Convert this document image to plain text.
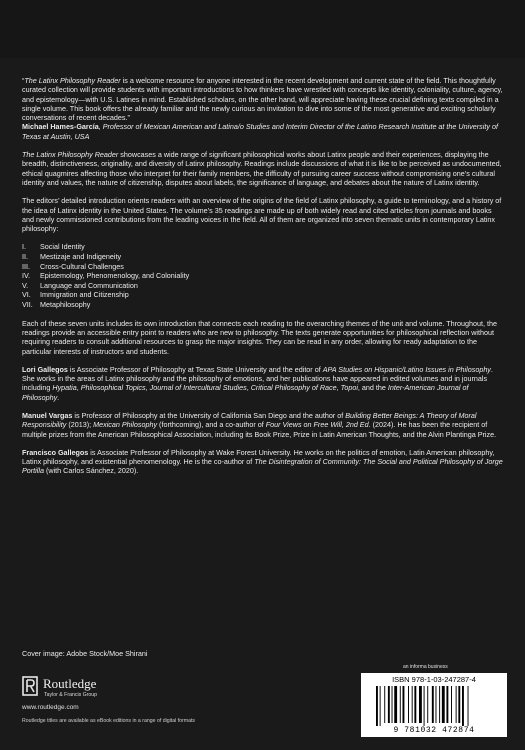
“The Latinx Philosophy Reader is a welcome resource for anyone interested in the recent development and current state of the field. This thoughtfully curated collection will provide students with important introductions to how thinkers have wrestled with concepts like identity, coloniality, culture, agency, and epistemology—with U.S. Latines in mind. Established scholars, on the other hand, will appreciate having these crucial defining texts compiled in a single volume. This book offers the already familiar and the newly curious an invitation to dive into some of the most generative and exciting scholarly conversations of recent decades.”

Michael Hames-García, Professor of Mexican American and Latina/o Studies and Interim Director of the Latino Research Institute at the University of Texas at Austin, USA

The Latinx Philosophy Reader showcases a wide range of significant philosophical works about Latinx people and their experiences, displaying the breadth, distinctiveness, originality, and diversity of Latinx philosophy. Readings include discussions of what it is like to be perceived as undocumented, ethical quagmires affecting those who interpret for their family members, the difficulty of pursuing career success without compromising one’s cultural identity and values, the nature of citizenship, disputes about labels, the significance of language, and debates about the nature of Latinx identity.

The editors’ detailed introduction orients readers with an overview of the origins of the field of Latinx philosophy, a guide to terminology, and a history of the idea of Latinx identity in the United States. The volume’s 35 readings are made up of both widely read and cited articles from journals and books and newly commissioned contributions from the leading voices in the field. All of them are organized into seven thematic units in contemporary Latinx philosophy:

I.	Social Identity
II.	Mestizaje and Indigeneity
III.	Cross-Cultural Challenges
IV.	Epistemology, Phenomenology, and Coloniality
V.	Language and Communication
VI.	Immigration and Citizenship
VII.	Metaphilosophy

Each of these seven units includes its own introduction that connects each reading to the overarching themes of the unit and volume. Throughout, the readings provide an accessible entry point to readers who are new to philosophy. The texts generate opportunities for philosophical reflection without requiring readers to consult additional resources to grasp the major insights. They can be read in any order, allowing for ready adaptation to the particular interests of instructors and students.

Lori Gallegos is Associate Professor of Philosophy at Texas State University and the editor of APA Studies on Hispanic/Latino Issues in Philosophy. She works in the areas of Latinx philosophy and the philosophy of emotions, and her publications have appeared in edited volumes and in journals including Hypatia, Philosophical Topics, Journal of Intercultural Studies, Critical Philosophy of Race, Topoi, and the Inter-American Journal of Philosophy.

Manuel Vargas is Professor of Philosophy at the University of California San Diego and the author of Building Better Beings: A Theory of Moral Responsibility (2013); Mexican Philosophy (forthcoming), and a co-author of Four Views on Free Will, 2nd Ed. (2024). He has been the recipient of multiple prizes from the American Philosophical Association, including its Book Prize, Prize in Latin American Thoughts, and the Alvin Plantinga Prize.

Francisco Gallegos is Associate Professor of Philosophy at Wake Forest University. He works on the politics of emotion, Latin American philosophy, Latinx philosophy, and existential phenomenology. He is the co-author of The Disintegration of Community: The Social and Political Philosophy of Jorge Portilla (with Carlos Sánchez, 2020).

Cover image: Adobe Stock/Moe Shirani
Routledge
Taylor & Francis Group
www.routledge.com
Routledge titles are available as eBook editions in a range of digital formats
an informa business
ISBN 978-1-03-247287-4
9 781032 472874
